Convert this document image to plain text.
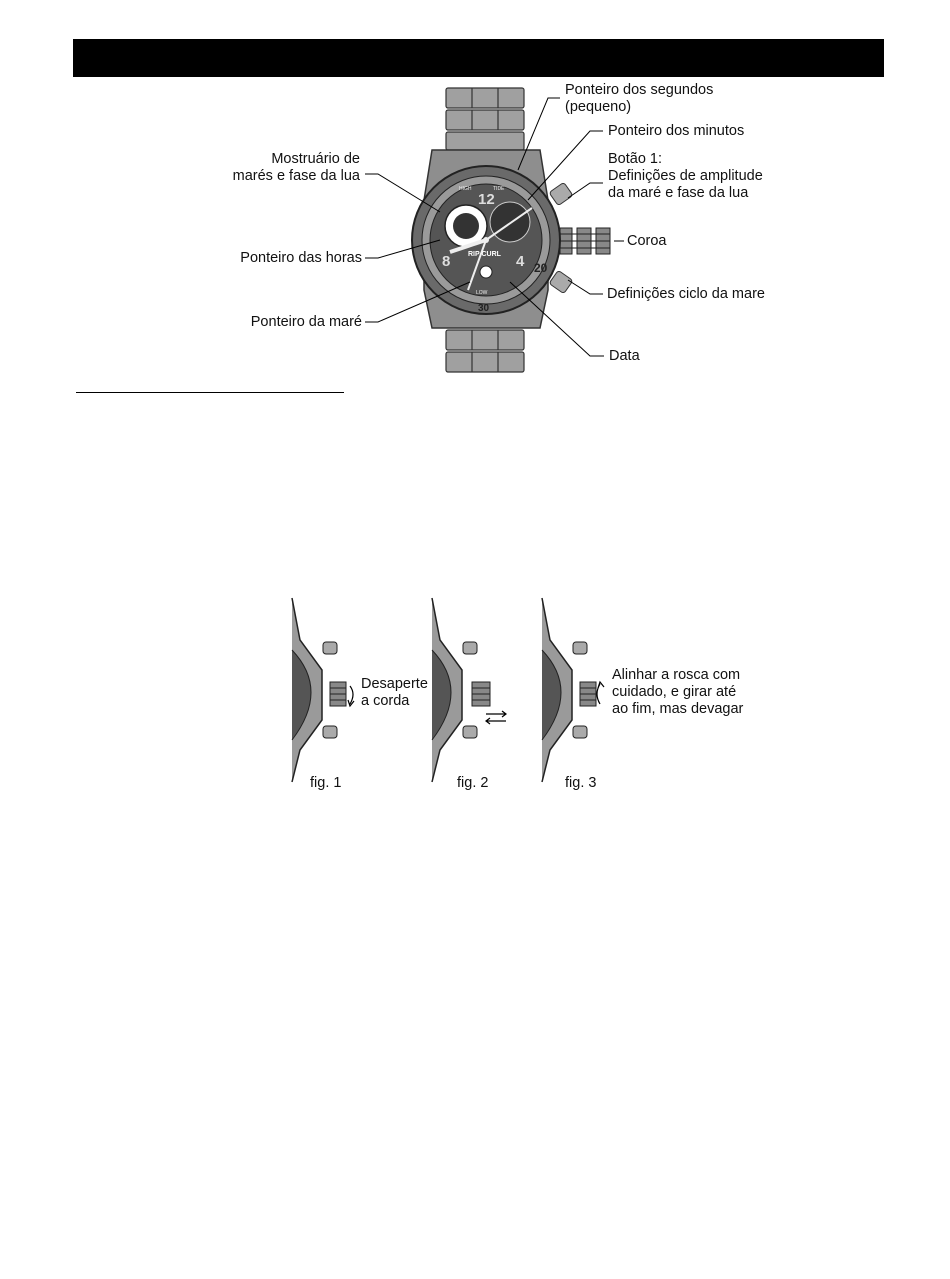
12
8	4
RIP CURL
20
30
HIGH	TIDE
LOW
Ponteiro dos segundos
(pequeno)
Ponteiro dos minutos
Botão 1:
Definições de amplitude
da maré e fase da lua
Coroa
Definições ciclo da mare
Data
Mostruário de
marés e fase da lua
Ponteiro das horas
Ponteiro da maré
Desaperte
a corda
Alinhar a rosca com
cuidado, e girar até
ao fim, mas devagar
fig. 1	fig. 2	fig. 3
